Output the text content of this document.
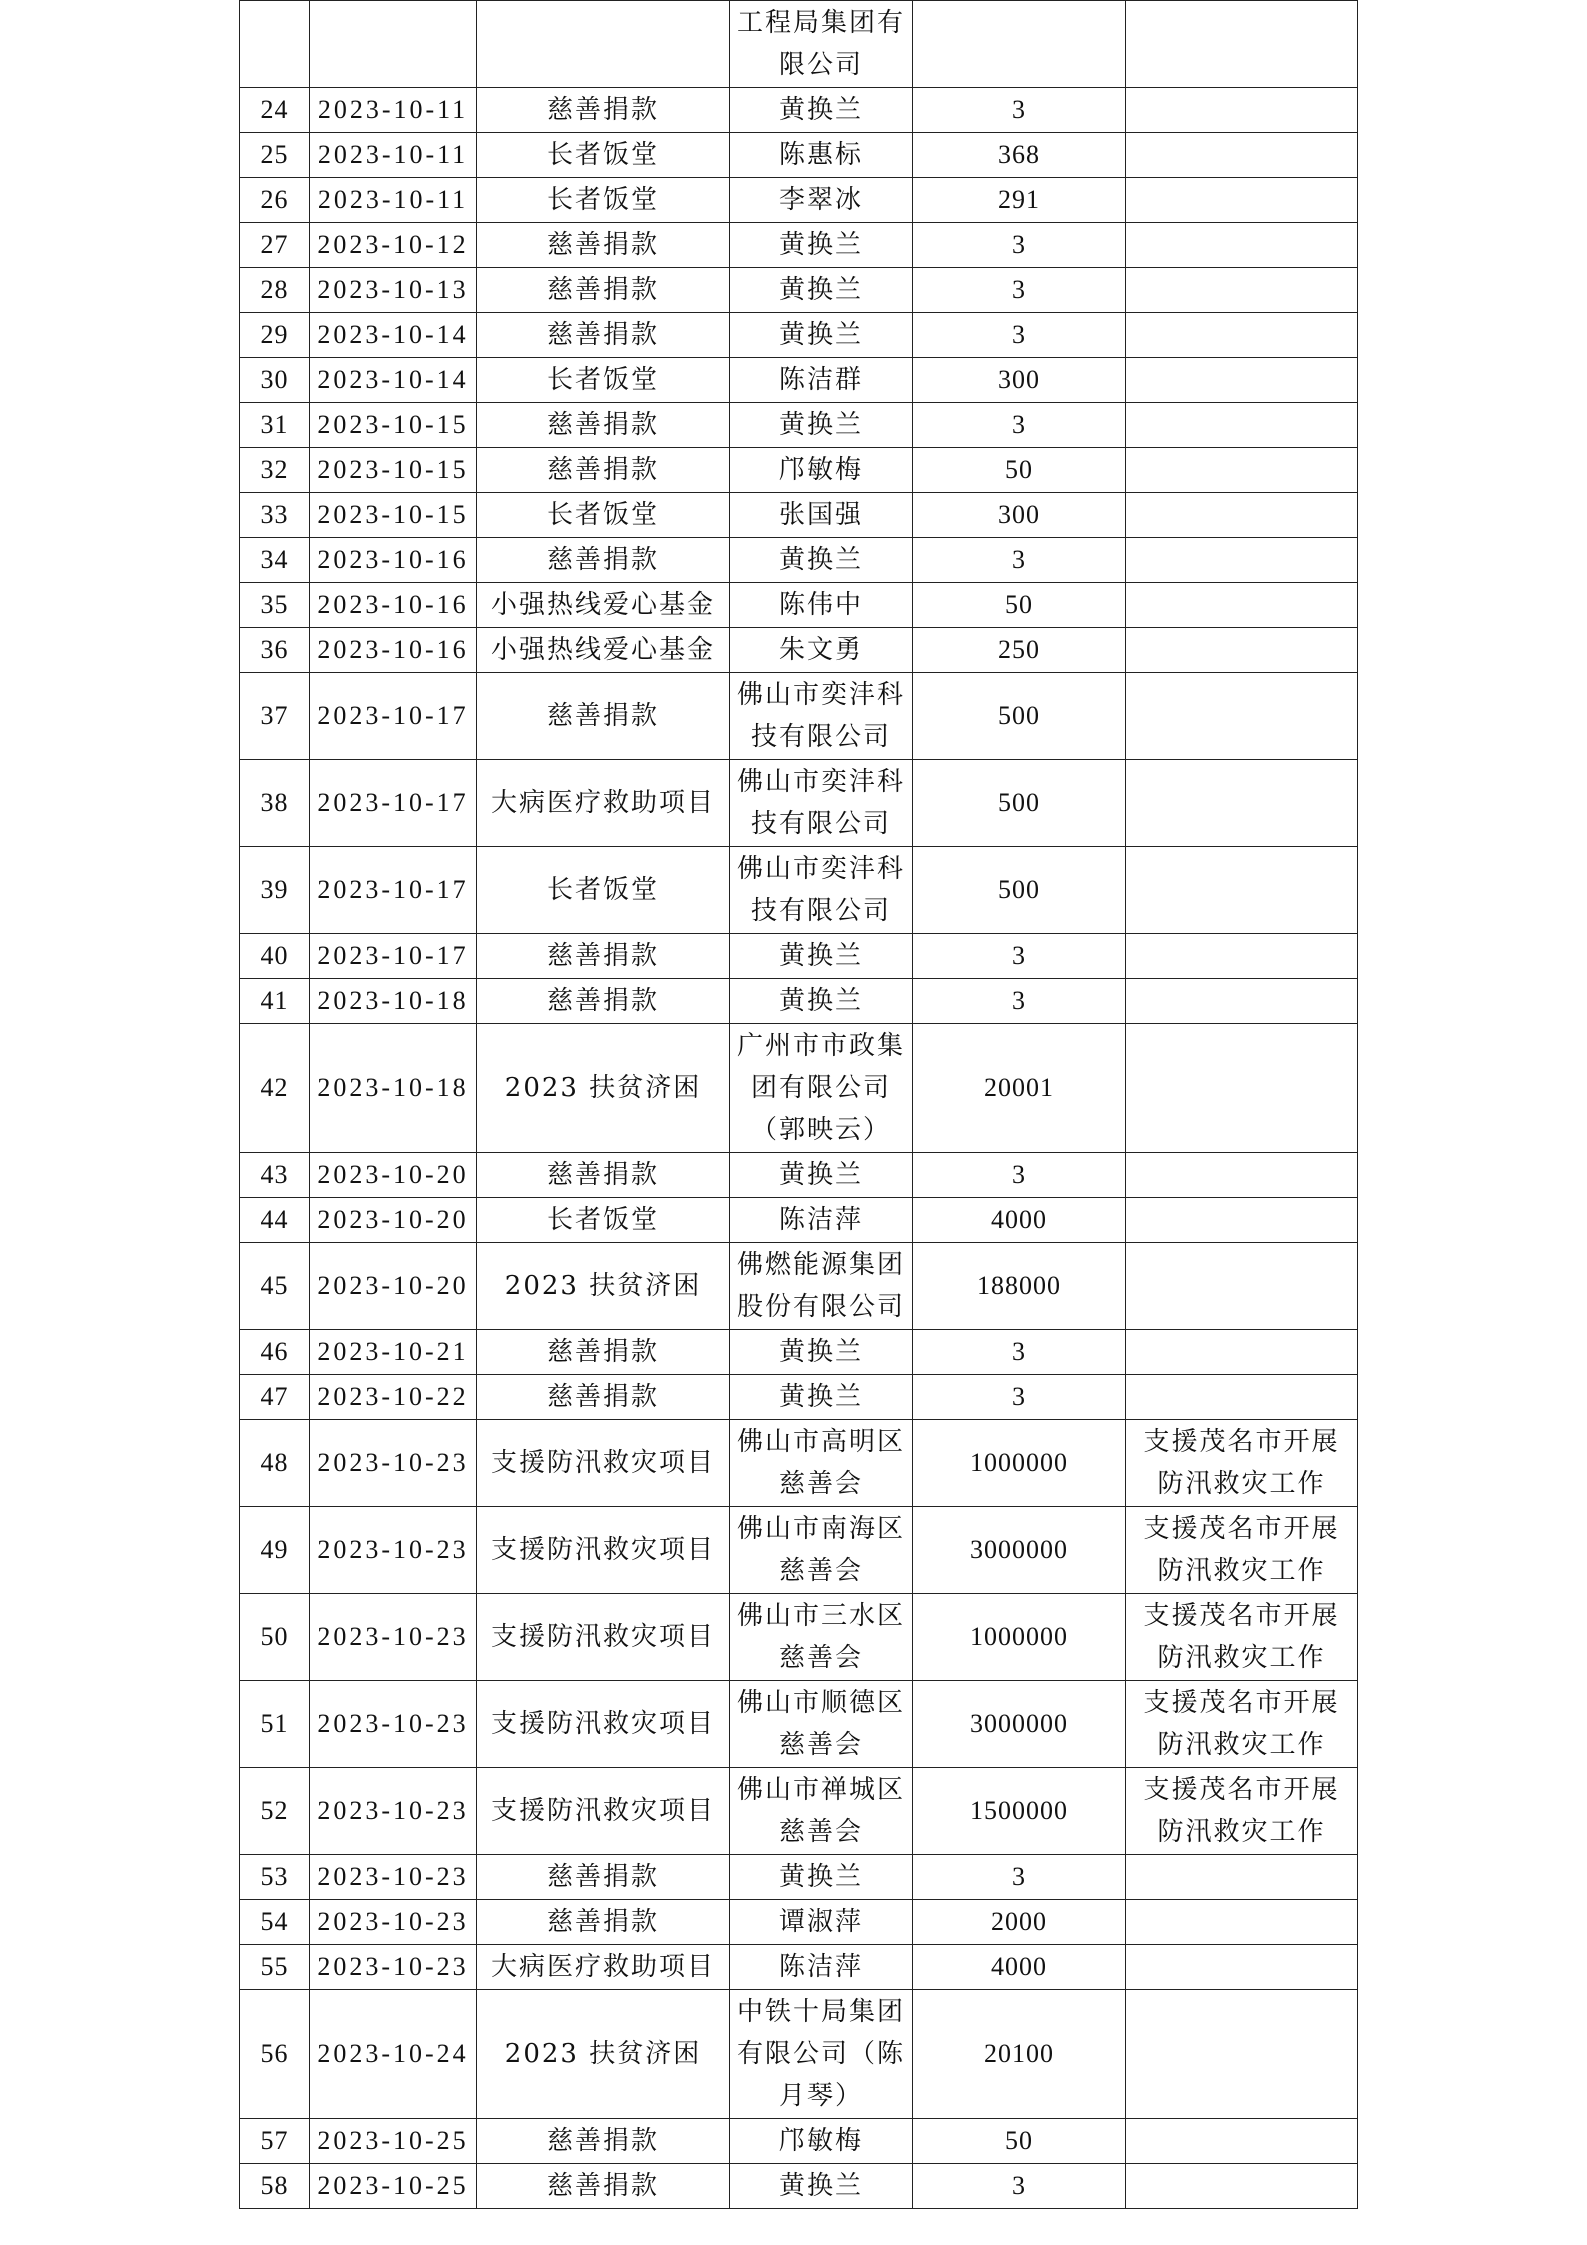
			工程局集团有限公司		
24	2023-10-11	慈善捐款	黄换兰	3	
25	2023-10-11	长者饭堂	陈惠标	368	
26	2023-10-11	长者饭堂	李翠冰	291	
27	2023-10-12	慈善捐款	黄换兰	3	
28	2023-10-13	慈善捐款	黄换兰	3	
29	2023-10-14	慈善捐款	黄换兰	3	
30	2023-10-14	长者饭堂	陈洁群	300	
31	2023-10-15	慈善捐款	黄换兰	3	
32	2023-10-15	慈善捐款	邝敏梅	50	
33	2023-10-15	长者饭堂	张国强	300	
34	2023-10-16	慈善捐款	黄换兰	3	
35	2023-10-16	小强热线爱心基金	陈伟中	50	
36	2023-10-16	小强热线爱心基金	朱文勇	250	
37	2023-10-17	慈善捐款	佛山市奕沣科技有限公司	500	
38	2023-10-17	大病医疗救助项目	佛山市奕沣科技有限公司	500	
39	2023-10-17	长者饭堂	佛山市奕沣科技有限公司	500	
40	2023-10-17	慈善捐款	黄换兰	3	
41	2023-10-18	慈善捐款	黄换兰	3	
42	2023-10-18	2023 扶贫济困	广州市市政集团有限公司（郭映云）	20001	
43	2023-10-20	慈善捐款	黄换兰	3	
44	2023-10-20	长者饭堂	陈洁萍	4000	
45	2023-10-20	2023 扶贫济困	佛燃能源集团股份有限公司	188000	
46	2023-10-21	慈善捐款	黄换兰	3	
47	2023-10-22	慈善捐款	黄换兰	3	
48	2023-10-23	支援防汛救灾项目	佛山市高明区慈善会	1000000	支援茂名市开展防汛救灾工作
49	2023-10-23	支援防汛救灾项目	佛山市南海区慈善会	3000000	支援茂名市开展防汛救灾工作
50	2023-10-23	支援防汛救灾项目	佛山市三水区慈善会	1000000	支援茂名市开展防汛救灾工作
51	2023-10-23	支援防汛救灾项目	佛山市顺德区慈善会	3000000	支援茂名市开展防汛救灾工作
52	2023-10-23	支援防汛救灾项目	佛山市禅城区慈善会	1500000	支援茂名市开展防汛救灾工作
53	2023-10-23	慈善捐款	黄换兰	3	
54	2023-10-23	慈善捐款	谭淑萍	2000	
55	2023-10-23	大病医疗救助项目	陈洁萍	4000	
56	2023-10-24	2023 扶贫济困	中铁十局集团有限公司（陈月琴）	20100	
57	2023-10-25	慈善捐款	邝敏梅	50	
58	2023-10-25	慈善捐款	黄换兰	3	
